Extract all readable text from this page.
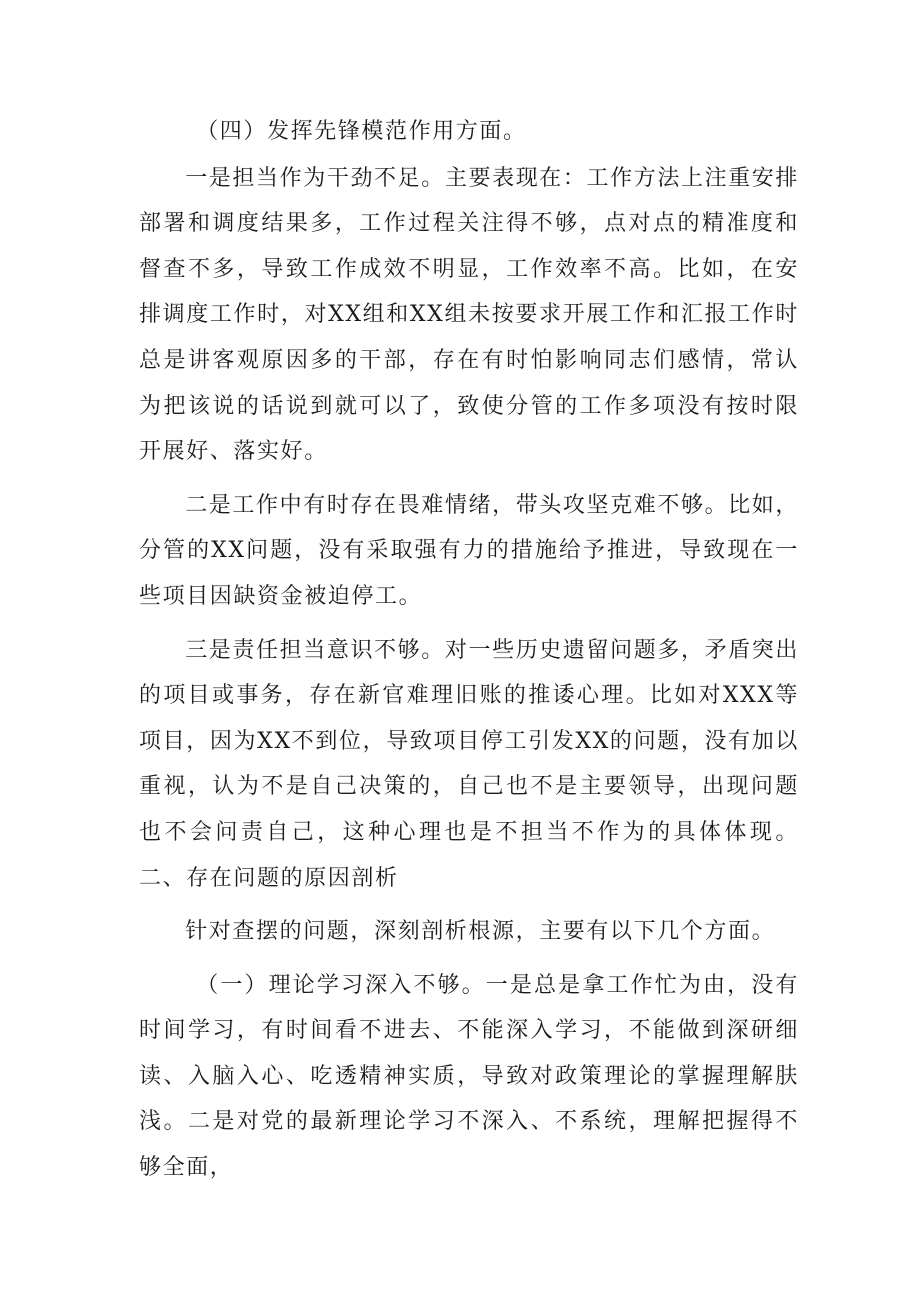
（四）发挥先锋模范作用方面。

一是担当作为干劲不足。主要表现在：工作方法上注重安排部署和调度结果多，工作过程关注得不够，点对点的精准度和督查不多，导致工作成效不明显，工作效率不高。比如，在安排调度工作时，对XX组和XX组未按要求开展工作和汇报工作时总是讲客观原因多的干部，存在有时怕影响同志们感情，常认为把该说的话说到就可以了，致使分管的工作多项没有按时限开展好、落实好。

二是工作中有时存在畏难情绪，带头攻坚克难不够。比如，分管的XX问题，没有采取强有力的措施给予推进，导致现在一些项目因缺资金被迫停工。

三是责任担当意识不够。对一些历史遗留问题多，矛盾突出的项目或事务，存在新官难理旧账的推诿心理。比如对XXX等项目，因为XX不到位，导致项目停工引发XX的问题，没有加以重视，认为不是自己决策的，自己也不是主要领导，出现问题也不会问责自己，这种心理也是不担当不作为的具体体现。二、存在问题的原因剖析

针对查摆的问题，深刻剖析根源，主要有以下几个方面。

（一）理论学习深入不够。一是总是拿工作忙为由，没有时间学习，有时间看不进去、不能深入学习，不能做到深研细读、入脑入心、吃透精神实质，导致对政策理论的掌握理解肤浅。二是对党的最新理论学习不深入、不系统，理解把握得不够全面，
